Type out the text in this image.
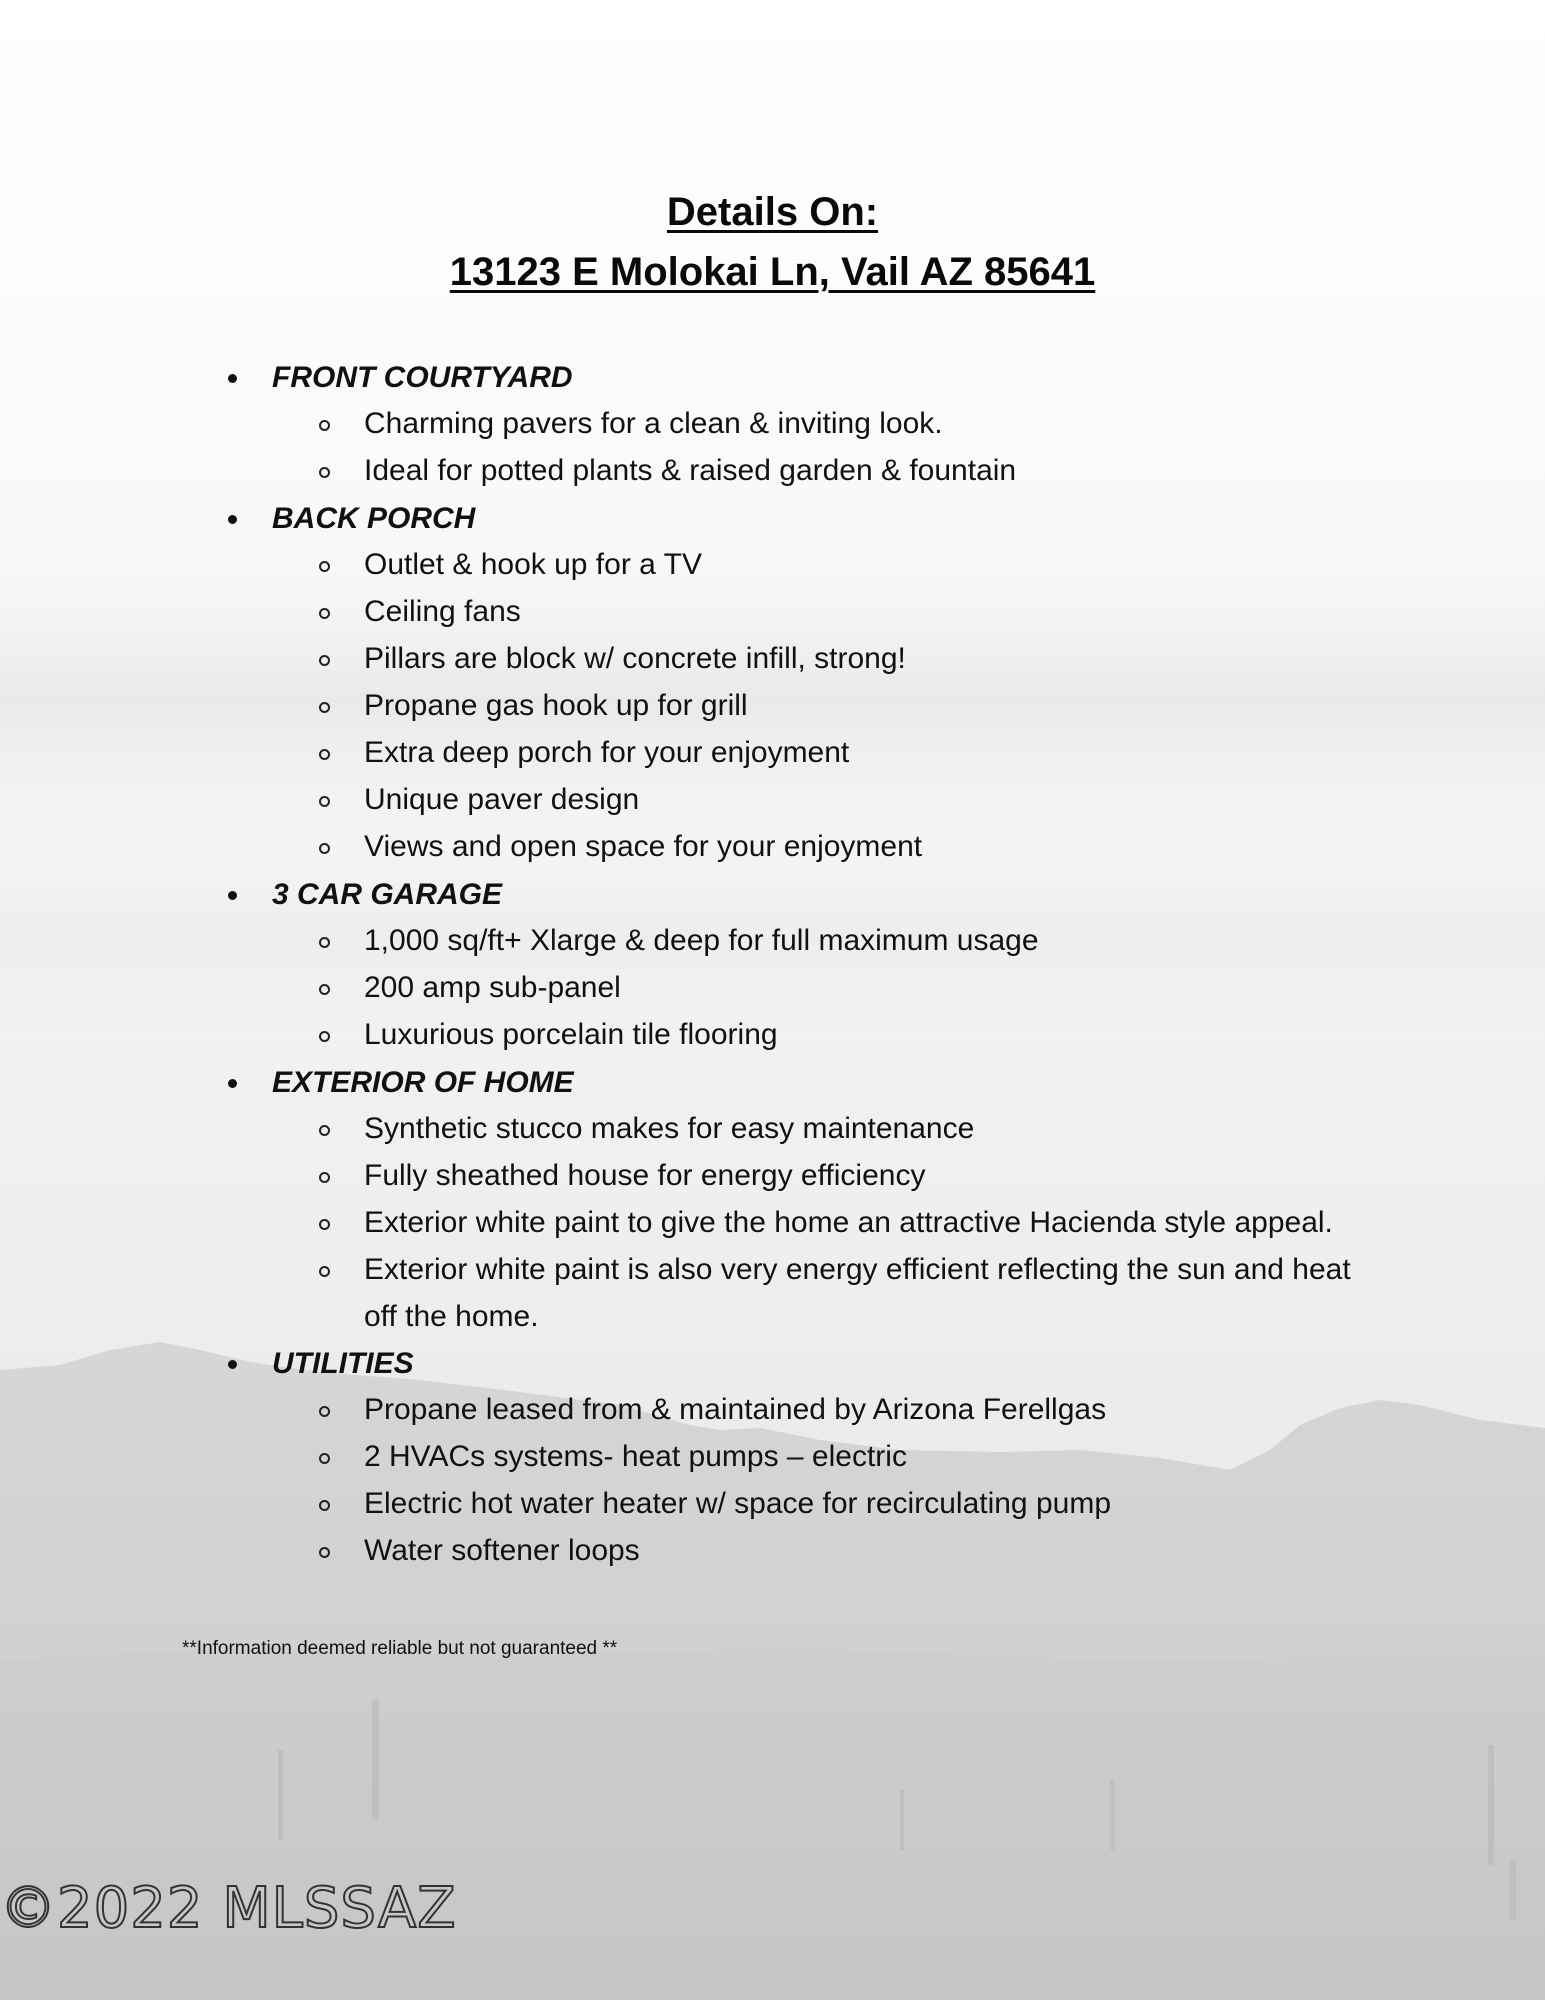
Details On:
13123 E Molokai Ln, Vail AZ 85641
FRONT COURTYARD
Charming pavers for a clean & inviting look.
Ideal for potted plants & raised garden & fountain
BACK PORCH
Outlet & hook up for a TV
Ceiling fans
Pillars are block w/ concrete infill, strong!
Propane gas hook up for grill
Extra deep porch for your enjoyment
Unique paver design
Views and open space for your enjoyment
3 CAR GARAGE
1,000 sq/ft+ Xlarge & deep for full maximum usage
200 amp sub-panel
Luxurious porcelain tile flooring
EXTERIOR OF HOME
Synthetic stucco makes for easy maintenance
Fully sheathed house for energy efficiency
Exterior white paint to give the home an attractive Hacienda style appeal.
Exterior white paint is also very energy efficient reflecting the sun and heat off the home.
UTILITIES
Propane leased from & maintained by Arizona Ferellgas
2 HVACs systems- heat pumps – electric
Electric hot water heater w/ space for recirculating pump
Water softener loops
**Information deemed reliable but not guaranteed **
©2022 MLSSAZ
